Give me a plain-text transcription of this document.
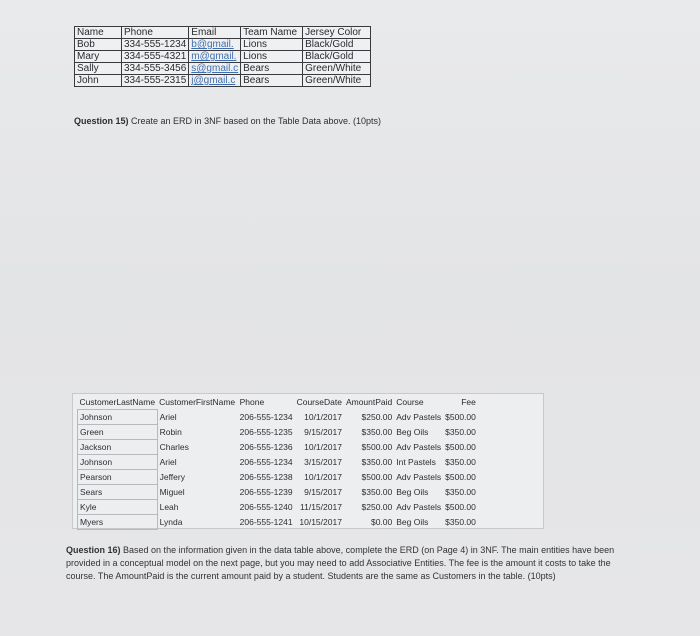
Name	Phone	Email	Team Name	Jersey Color
Bob	334-555-1234	b@gmail.	Lions	Black/Gold
Mary	334-555-4321	m@gmail.	Lions	Black/Gold
Sally	334-555-3456	s@gmail.c	Bears	Green/White
John	334-555-2315	j@gmail.c	Bears	Green/White
Question 15) Create an ERD in 3NF based on the Table Data above. (10pts)
CustomerLastName	CustomerFirstName	Phone	CourseDate	AmountPaid	Course	Fee
Johnson	Ariel	206-555-1234	10/1/2017	$250.00	Adv Pastels	$500.00
Green	Robin	206-555-1235	9/15/2017	$350.00	Beg Oils	$350.00
Jackson	Charles	206-555-1236	10/1/2017	$500.00	Adv Pastels	$500.00
Johnson	Ariel	206-555-1234	3/15/2017	$350.00	Int Pastels	$350.00
Pearson	Jeffery	206-555-1238	10/1/2017	$500.00	Adv Pastels	$500.00
Sears	Miguel	206-555-1239	9/15/2017	$350.00	Beg Oils	$350.00
Kyle	Leah	206-555-1240	11/15/2017	$250.00	Adv Pastels	$500.00
Myers	Lynda	206-555-1241	10/15/2017	$0.00	Beg Oils	$350.00
Question 16) Based on the information given in the data table above, complete the ERD (on Page 4) in 3NF. The main entities have been provided in a conceptual model on the next page, but you may need to add Associative Entities. The fee is the amount it costs to take the course. The AmountPaid is the current amount paid by a student. Students are the same as Customers in the table. (10pts)
